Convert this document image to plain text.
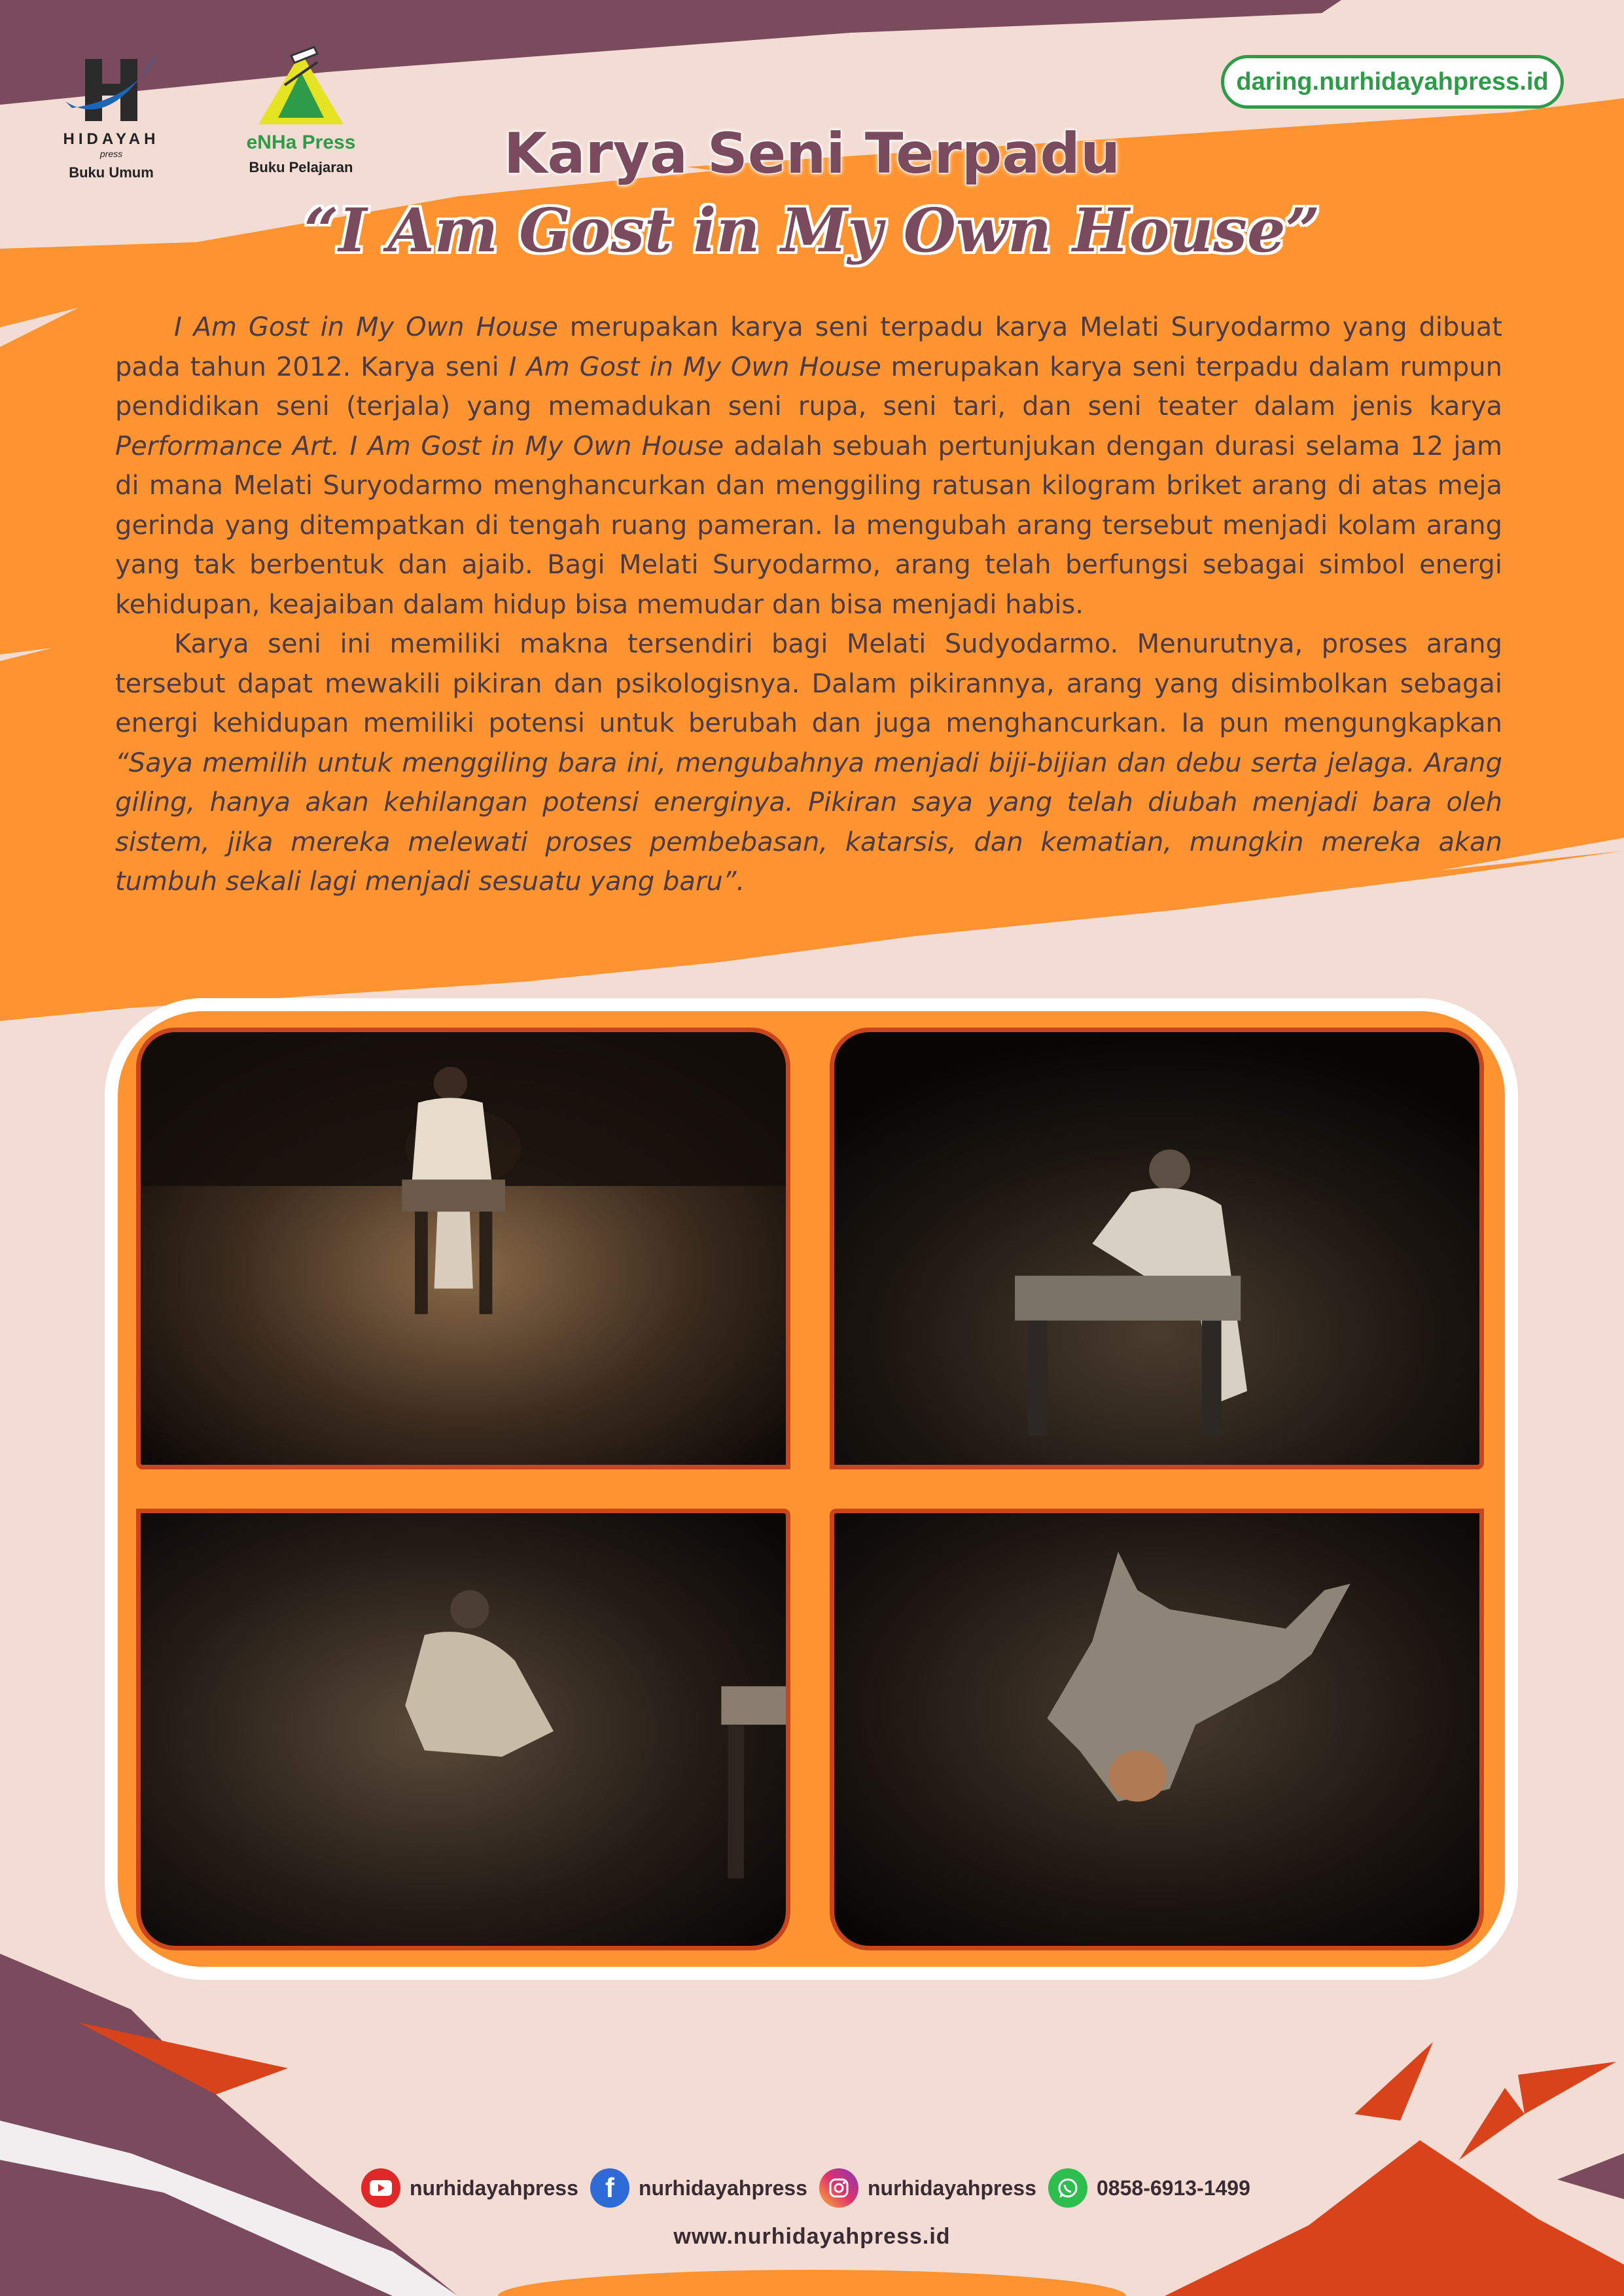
HIDAYAH
press
Buku Umum
eNHa Press
Buku Pelajaran
daring.nurhidayahpress.id
Karya Seni Terpadu
“I Am Gost in My Own House”

I Am Gost in My Own House merupakan karya seni terpadu karya Melati Suryodarmo yang dibuat pada tahun 2012. Karya seni I Am Gost in My Own House merupakan karya seni terpadu dalam rumpun pendidikan seni (terjala) yang memadukan seni rupa, seni tari, dan seni teater dalam jenis karya Performance Art. I Am Gost in My Own House adalah sebuah pertunjukan dengan durasi selama 12 jam di mana Melati Suryodarmo menghancurkan dan menggiling ratusan kilogram briket arang di atas meja gerinda yang ditempatkan di tengah ruang pameran. Ia mengubah arang tersebut menjadi kolam arang yang tak berbentuk dan ajaib. Bagi Melati Suryodarmo, arang telah berfungsi sebagai simbol energi kehidupan, keajaiban dalam hidup bisa memudar dan bisa menjadi habis.

Karya seni ini memiliki makna tersendiri bagi Melati Sudyodarmo. Menurutnya, proses arang tersebut dapat mewakili pikiran dan psikologisnya. Dalam pikirannya, arang yang disimbolkan sebagai energi kehidupan memiliki potensi untuk berubah dan juga menghancurkan. Ia pun mengungkapkan “Saya memilih untuk menggiling bara ini, mengubahnya menjadi biji-bijian dan debu serta jelaga. Arang giling, hanya akan kehilangan potensi energinya. Pikiran saya yang telah diubah menjadi bara oleh sistem, jika mereka melewati proses pembebasan, katarsis, dan kematian, mungkin mereka akan tumbuh sekali lagi menjadi sesuatu yang baru”.

nurhidayahpress f	nurhidayahpress	nurhidayahpress	0858-6913-1499
www.nurhidayahpress.id
